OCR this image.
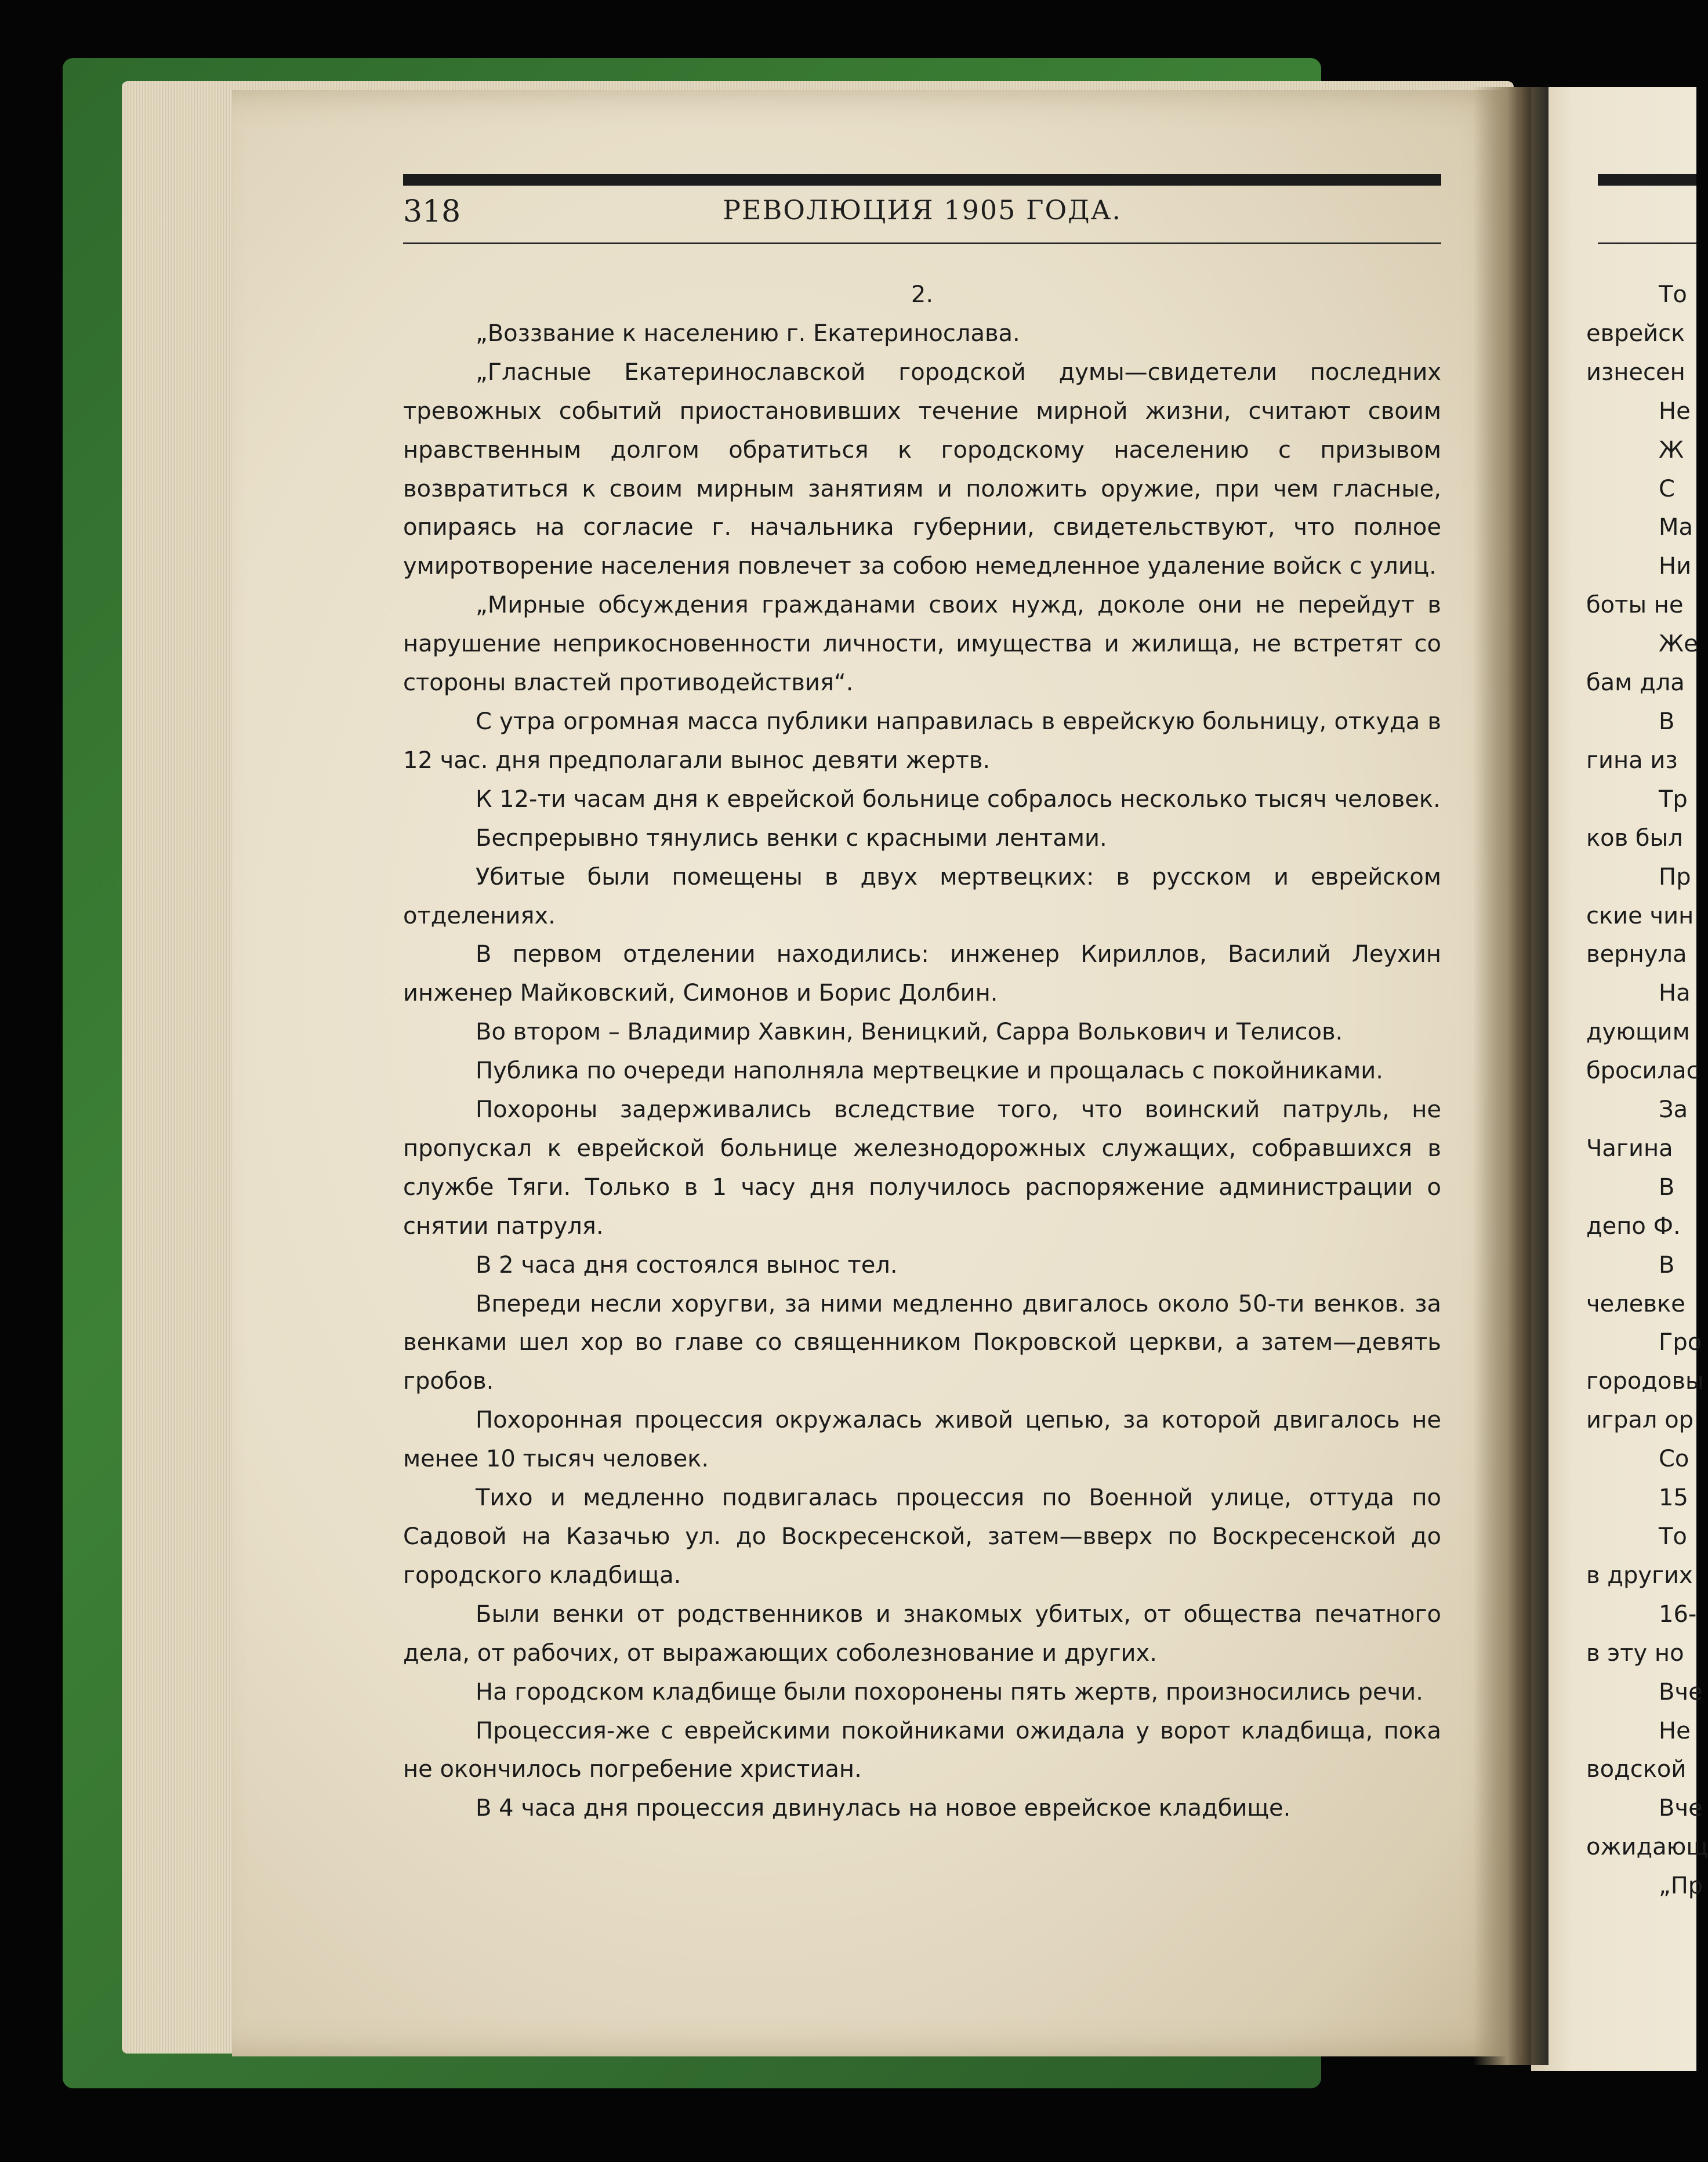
318	РЕВОЛЮЦИЯ 1905 ГОДА.

2.

„Воззвание к населению г. Екатеринослава.

„Гласные Екатеринославской городской думы—свидетели последних тревожных событий приостановивших течение мирной жизни, считают своим нравственным долгом обратиться к городскому населению с призывом возвратиться к своим мирным занятиям и положить оружие, при чем гласные, опираясь на согласие г. начальника губернии, свидетельствуют, что полное умиротворение населения повлечет за собою немедленное удаление войск с улиц.

„Мирные обсуждения гражданами своих нужд, доколе они не перейдут в нарушение неприкосновенности личности, имущества и жилища, не встретят со стороны властей противодействия“.

С утра огромная масса публики направилась в еврейскую больницу, откуда в 12 час. дня предполагали вынос девяти жертв.

К 12-ти часам дня к еврейской больнице собралось несколько тысяч человек.

Беспрерывно тянулись венки с красными лентами.

Убитые были помещены в двух мертвецких: в русском и еврейском отделениях.

В первом отделении находились: инженер Кириллов, Василий Леухин инженер Майковский, Симонов и Борис Долбин.

Во втором – Владимир Хавкин, Веницкий, Сарра Волькович и Телисов.

Публика по очереди наполняла мертвецкие и прощалась с покойниками.

Похороны задерживались вследствие того, что воинский патруль, не пропускал к еврейской больнице железнодорожных служащих, собравшихся в службе Тяги. Только в 1 часу дня получилось распоряжение администрации о снятии патруля.

В 2 часа дня состоялся вынос тел.

Впереди несли хоругви, за ними медленно двигалось около 50-ти венков. за венками шел хор во главе со священником Покровской церкви, а затем—девять гробов.

Похоронная процессия окружалась живой цепью, за которой двигалось не менее 10 тысяч человек.

Тихо и медленно подвигалась процессия по Военной улице, оттуда по Садовой на Казачью ул. до Воскресенской, затем—вверх по Воскресенской до городского кладбища.

Были венки от родственников и знакомых убитых, от общества печатного дела, от рабочих, от выражающих соболезнование и других.

На городском кладбище были похоронены пять жертв, произносились речи.

Процессия-же с еврейскими покойниками ожидала у ворот кладбища, пока не окончилось погребение христиан.

В 4 часа дня процессия двинулась на новое еврейское кладбище.

То
еврейск
изнесен
Не
Ж
С
Ма
Ни
боты не
Же
бам дла
В
гина из
Тр
ков был
Пр
ские чин
вернула
На
дующим
бросилас
За
Чагина
В
депо Ф.
В
челевке
Гро
городовы
играл ор
Со
15
То
в других
16-
в эту но
Вче
Не
водской
Вче
ожидающ
„Пр
